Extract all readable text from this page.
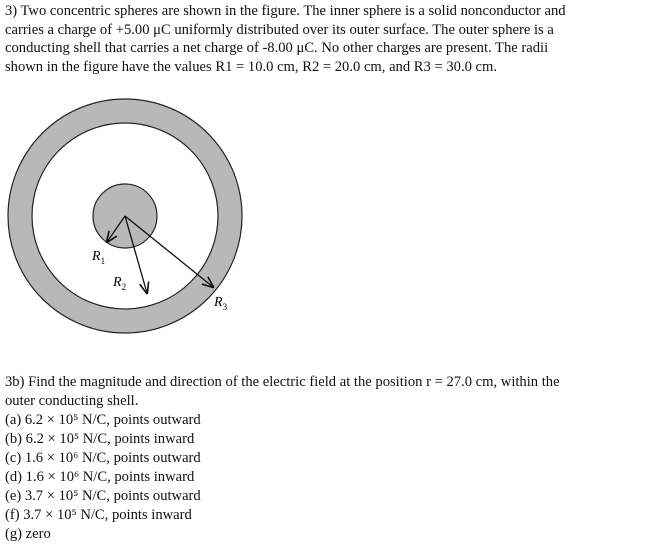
3) Two concentric spheres are shown in the figure. The inner sphere is a solid nonconductor and
carries a charge of +5.00 μC uniformly distributed over its outer surface. The outer sphere is a
conducting shell that carries a net charge of -8.00 μC. No other charges are present. The radii
shown in the figure have the values R1 = 10.0 cm, R2 = 20.0 cm, and R3 = 30.0 cm.
$R_1$
$R_2$
$R_3$
3b) Find the magnitude and direction of the electric field at the position r = 27.0 cm, within the
outer conducting shell.
(a) 6.2 × 10⁵ N/C, points outward
(b) 6.2 × 10⁵ N/C, points inward
(c) 1.6 × 10⁶ N/C, points outward
(d) 1.6 × 10⁶ N/C, points inward
(e) 3.7 × 10⁵ N/C, points outward
(f) 3.7 × 10⁵ N/C, points inward
(g) zero
